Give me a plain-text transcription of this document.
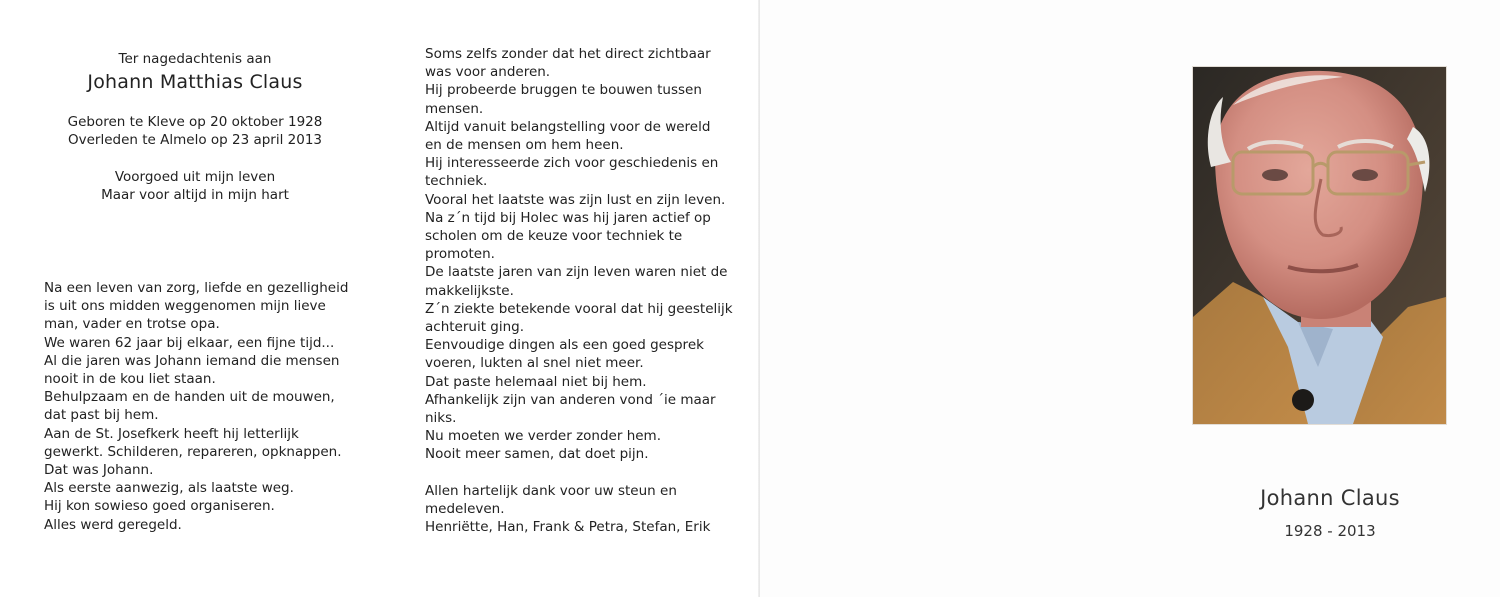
Ter nagedachtenis aan
Johann Matthias Claus
Geboren te Kleve op 20 oktober 1928
Overleden te Almelo op 23 april 2013
Voorgoed uit mijn leven
Maar voor altijd in mijn hart
Na een leven van zorg, liefde en gezelligheid
is uit ons midden weggenomen mijn lieve
man, vader en trotse opa.
We waren 62 jaar bij elkaar, een fijne tijd...
Al die jaren was Johann iemand die mensen
nooit in de kou liet staan.
Behulpzaam en de handen uit de mouwen,
dat past bij hem.
Aan de St. Josefkerk heeft hij letterlijk
gewerkt. Schilderen, repareren, opknappen.
Dat was Johann.
Als eerste aanwezig, als laatste weg.
Hij kon sowieso goed organiseren.
Alles werd geregeld.
Soms zelfs zonder dat het direct zichtbaar
was voor anderen.
Hij probeerde bruggen te bouwen tussen
mensen.
Altijd vanuit belangstelling voor de wereld
en de mensen om hem heen.
Hij interesseerde zich voor geschiedenis en
techniek.
Vooral het laatste was zijn lust en zijn leven.
Na z´n tijd bij Holec was hij jaren actief op
scholen om de keuze voor techniek te
promoten.
De laatste jaren van zijn leven waren niet de
makkelijkste.
Z´n ziekte betekende vooral dat hij geestelijk
achteruit ging.
Eenvoudige dingen als een goed gesprek
voeren, lukten al snel niet meer.
Dat paste helemaal niet bij hem.
Afhankelijk zijn van anderen vond ´ie maar
niks.
Nu moeten we verder zonder hem.
Nooit meer samen, dat doet pijn.
Allen hartelijk dank voor uw steun en
medeleven.
Henriëtte, Han, Frank & Petra, Stefan, Erik
Johann Claus
1928 - 2013
